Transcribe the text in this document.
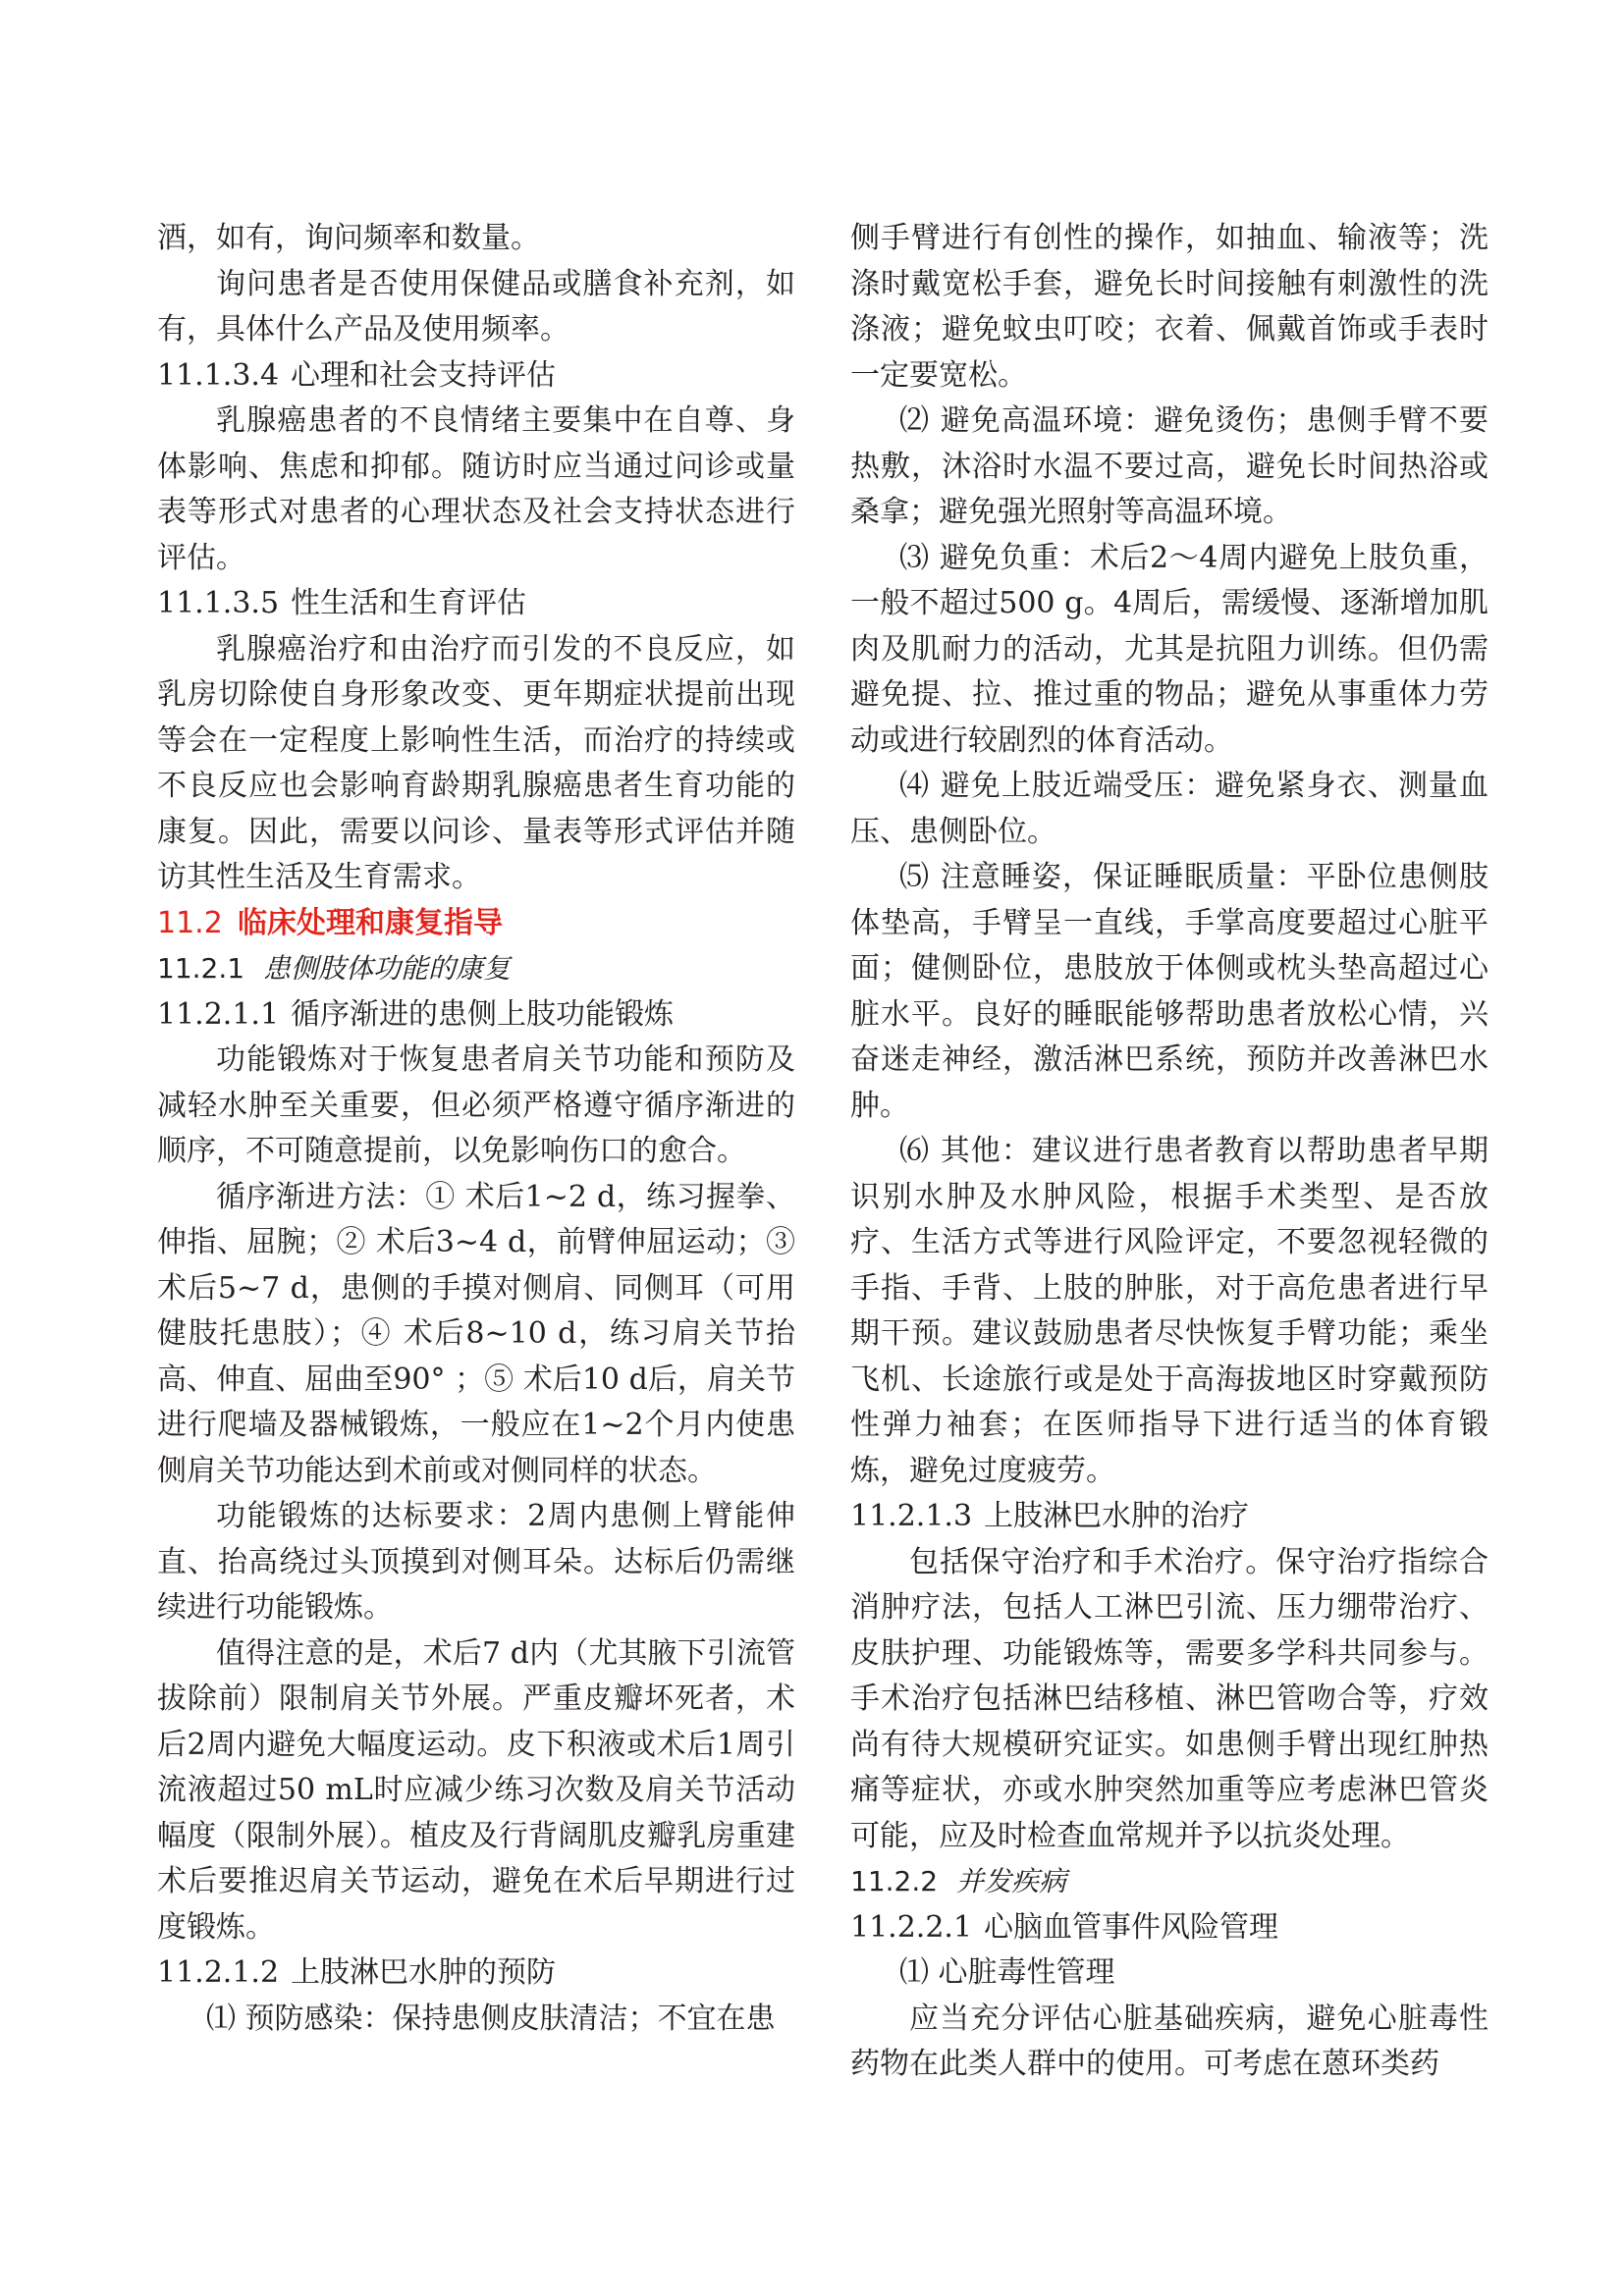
酒，如有，询问频率和数量。

询问患者是否使用保健品或膳食补充剂，如有，具体什么产品及使用频率。

11.1.3.4 心理和社会支持评估

乳腺癌患者的不良情绪主要集中在自尊、身体影响、焦虑和抑郁。随访时应当通过问诊或量表等形式对患者的心理状态及社会支持状态进行评估。

11.1.3.5 性生活和生育评估

乳腺癌治疗和由治疗而引发的不良反应，如乳房切除使自身形象改变、更年期症状提前出现等会在一定程度上影响性生活，而治疗的持续或不良反应也会影响育龄期乳腺癌患者生育功能的康复。因此，需要以问诊、量表等形式评估并随访其性生活及生育需求。

11.2 临床处理和康复指导

11.2.1 患侧肢体功能的康复

11.2.1.1 循序渐进的患侧上肢功能锻炼

功能锻炼对于恢复患者肩关节功能和预防及减轻水肿至关重要，但必须严格遵守循序渐进的顺序，不可随意提前，以免影响伤口的愈合。

循序渐进方法：① 术后1~2 d，练习握拳、伸指、屈腕；② 术后3~4 d，前臂伸屈运动；③ 术后5~7 d，患侧的手摸对侧肩、同侧耳（可用健肢托患肢）；④ 术后8~10 d，练习肩关节抬高、伸直、屈曲至90° ；⑤ 术后10 d后，肩关节进行爬墙及器械锻炼，一般应在1~2个月内使患侧肩关节功能达到术前或对侧同样的状态。

功能锻炼的达标要求：2周内患侧上臂能伸直、抬高绕过头顶摸到对侧耳朵。达标后仍需继续进行功能锻炼。

值得注意的是，术后7 d内（尤其腋下引流管拔除前）限制肩关节外展。严重皮瓣坏死者，术后2周内避免大幅度运动。皮下积液或术后1周引流液超过50 mL时应减少练习次数及肩关节活动幅度（限制外展）。植皮及行背阔肌皮瓣乳房重建术后要推迟肩关节运动，避免在术后早期进行过度锻炼。

11.2.1.2 上肢淋巴水肿的预防

⑴ 预防感染：保持患侧皮肤清洁；不宜在患

侧手臂进行有创性的操作，如抽血、输液等；洗涤时戴宽松手套，避免长时间接触有刺激性的洗涤液；避免蚊虫叮咬；衣着、佩戴首饰或手表时一定要宽松。

⑵ 避免高温环境：避免烫伤；患侧手臂不要热敷，沐浴时水温不要过高，避免长时间热浴或桑拿；避免强光照射等高温环境。

⑶ 避免负重：术后2～4周内避免上肢负重，一般不超过500 g。4周后，需缓慢、逐渐增加肌肉及肌耐力的活动，尤其是抗阻力训练。但仍需避免提、拉、推过重的物品；避免从事重体力劳动或进行较剧烈的体育活动。

⑷ 避免上肢近端受压：避免紧身衣、测量血压、患侧卧位。

⑸ 注意睡姿，保证睡眠质量：平卧位患侧肢体垫高，手臂呈一直线，手掌高度要超过心脏平面；健侧卧位，患肢放于体侧或枕头垫高超过心脏水平。良好的睡眠能够帮助患者放松心情，兴奋迷走神经，激活淋巴系统，预防并改善淋巴水肿。

⑹ 其他：建议进行患者教育以帮助患者早期识别水肿及水肿风险，根据手术类型、是否放疗、生活方式等进行风险评定，不要忽视轻微的手指、手背、上肢的肿胀，对于高危患者进行早期干预。建议鼓励患者尽快恢复手臂功能；乘坐飞机、长途旅行或是处于高海拔地区时穿戴预防性弹力袖套；在医师指导下进行适当的体育锻炼，避免过度疲劳。

11.2.1.3 上肢淋巴水肿的治疗

包括保守治疗和手术治疗。保守治疗指综合消肿疗法，包括人工淋巴引流、压力绷带治疗、皮肤护理、功能锻炼等，需要多学科共同参与。手术治疗包括淋巴结移植、淋巴管吻合等，疗效尚有待大规模研究证实。如患侧手臂出现红肿热痛等症状，亦或水肿突然加重等应考虑淋巴管炎可能，应及时检查血常规并予以抗炎处理。

11.2.2 并发疾病

11.2.2.1 心脑血管事件风险管理

⑴ 心脏毒性管理

应当充分评估心脏基础疾病，避免心脏毒性药物在此类人群中的使用。可考虑在蒽环类药
